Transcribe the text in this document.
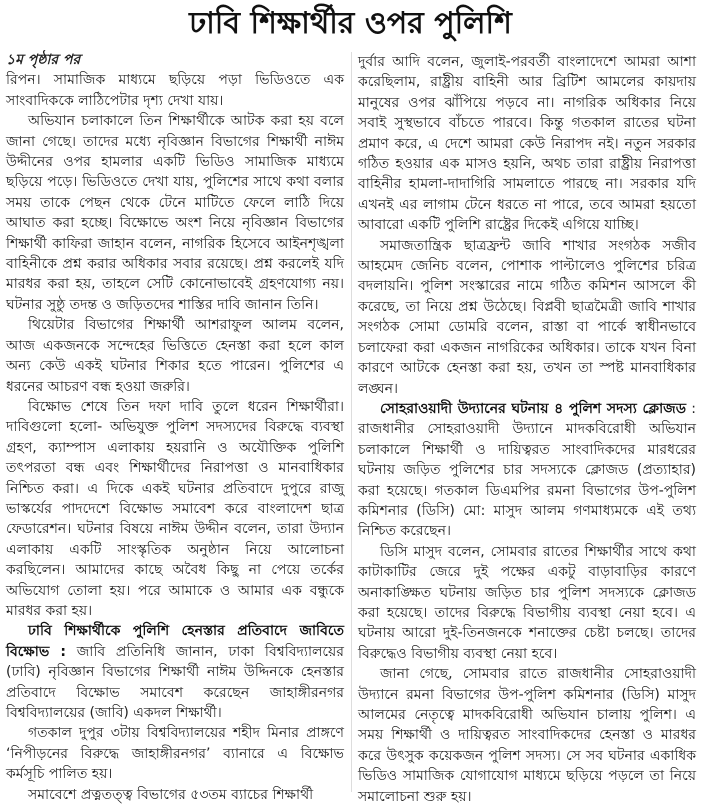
ঢাবি শিক্ষার্থীর ওপর পুলিশি

১ম পৃষ্ঠার পর

রিপন। সামাজিক মাধ্যমে ছড়িয়ে পড়া ভিডিওতে এক সাংবাদিককে লাঠিপেটার দৃশ্য দেখা যায়।

অভিযান চলাকালে তিন শিক্ষার্থীকে আটক করা হয় বলে জানা গেছে। তাদের মধ্যে নৃবিজ্ঞান বিভাগের শিক্ষার্থী নাঈম উদ্দীনের ওপর হামলার একটি ভিডিও সামাজিক মাধ্যমে ছড়িয়ে পড়ে। ভিডিওতে দেখা যায়, পুলিশের সাথে কথা বলার সময় তাকে পেছন থেকে টেনে মাটিতে ফেলে লাঠি দিয়ে আঘাত করা হচ্ছে। বিক্ষোভে অংশ নিয়ে নৃবিজ্ঞান বিভাগের শিক্ষার্থী কাফিরা জাহান বলেন, নাগরিক হিসেবে আইনশৃঙ্খলা বাহিনীকে প্রশ্ন করার অধিকার সবার রয়েছে। প্রশ্ন করলেই যদি মারধর করা হয়, তাহলে সেটি কোনোভাবেই গ্রহণযোগ্য নয়। ঘটনার সুষ্ঠু তদন্ত ও জড়িতদের শাস্তির দাবি জানান তিনি।

থিয়েটার বিভাগের শিক্ষার্থী আশরাফুল আলম বলেন, আজ একজনকে সন্দেহের ভিত্তিতে হেনস্তা করা হলে কাল অন্য কেউ একই ঘটনার শিকার হতে পারেন। পুলিশের এ ধরনের আচরণ বন্ধ হওয়া জরুরি।

বিক্ষোভ শেষে তিন দফা দাবি তুলে ধরেন শিক্ষার্থীরা। দাবিগুলো হলো- অভিযুক্ত পুলিশ সদস্যদের বিরুদ্ধে ব্যবস্থা গ্রহণ, ক্যাম্পাস এলাকায় হয়রানি ও অযৌক্তিক পুলিশি তৎপরতা বন্ধ এবং শিক্ষার্থীদের নিরাপত্তা ও মানবাধিকার নিশ্চিত করা। এ দিকে একই ঘটনার প্রতিবাদে দুপুরে রাজু ভাস্কর্যের পাদদেশে বিক্ষোভ সমাবেশ করে বাংলাদেশ ছাত্র ফেডারেশন। ঘটনার বিষয়ে নাঈম উদ্দীন বলেন, তারা উদ্যান এলাকায় একটি সাংস্কৃতিক অনুষ্ঠান নিয়ে আলোচনা করছিলেন। আমাদের কাছে অবৈধ কিছু না পেয়ে তর্কের অভিযোগ তোলা হয়। পরে আমাকে ও আমার এক বন্ধুকে মারধর করা হয়।

ঢাবি শিক্ষার্থীকে পুলিশি হেনস্তার প্রতিবাদে জাবিতে বিক্ষোভ : জাবি প্রতিনিধি জানান, ঢাকা বিশ্ববিদ্যালয়ের (ঢাবি) নৃবিজ্ঞান বিভাগের শিক্ষার্থী নাঈম উদ্দিনকে হেনস্তার প্রতিবাদে বিক্ষোভ সমাবেশ করেছেন জাহাঙ্গীরনগর বিশ্ববিদ্যালয়ের (জাবি) একদল শিক্ষার্থী।

গতকাল দুপুর ৩টায় বিশ্ববিদ্যালয়ের শহীদ মিনার প্রাঙ্গণে ‘নিপীড়নের বিরুদ্ধে জাহাঙ্গীরনগর’ ব্যানারে এ বিক্ষোভ কর্মসূচি পালিত হয়।

সমাবেশে প্রত্নতত্ত্ব বিভাগের ৫৩তম ব্যাচের শিক্ষার্থী

দুর্বার আদি বলেন, জুলাই-পরবর্তী বাংলাদেশে আমরা আশা করেছিলাম, রাষ্ট্রীয় বাহিনী আর ব্রিটিশ আমলের কায়দায় মানুষের ওপর ঝাঁপিয়ে পড়বে না। নাগরিক অধিকার নিয়ে সবাই সুস্থভাবে বাঁচতে পারবে। কিন্তু গতকাল রাতের ঘটনা প্রমাণ করে, এ দেশে আমরা কেউ নিরাপদ নই। নতুন সরকার গঠিত হওয়ার এক মাসও হয়নি, অথচ তারা রাষ্ট্রীয় নিরাপত্তা বাহিনীর হামলা-দাদাগিরি সামলাতে পারছে না। সরকার যদি এখনই এর লাগাম টেনে ধরতে না পারে, তবে আমরা হয়তো আবারো একটি পুলিশি রাষ্ট্রের দিকেই এগিয়ে যাচ্ছি।

সমাজতান্ত্রিক ছাত্রফ্রন্ট জাবি শাখার সংগঠক সজীব আহমেদ জেনিচ বলেন, পোশাক পাল্টালেও পুলিশের চরিত্র বদলায়নি। পুলিশ সংস্কারের নামে গঠিত কমিশন আসলে কী করেছে, তা নিয়ে প্রশ্ন উঠেছে। বিপ্লবী ছাত্রমৈত্রী জাবি শাখার সংগঠক সোমা ডোমরি বলেন, রাস্তা বা পার্কে স্বাধীনভাবে চলাফেরা করা একজন নাগরিকের অধিকার। তাকে যখন বিনা কারণে আটকে হেনস্তা করা হয়, তখন তা স্পষ্ট মানবাধিকার লঙ্ঘন।

সোহরাওয়াদী উদ্যানের ঘটনায় ৪ পুলিশ সদস্য ক্লোজড : রাজধানীর সোহরাওয়াদী উদ্যানে মাদকবিরোধী অভিযান চলাকালে শিক্ষার্থী ও দায়িত্বরত সাংবাদিকদের মারধরের ঘটনায় জড়িত পুলিশের চার সদস্যকে ক্লোজড (প্রত্যাহার) করা হয়েছে। গতকাল ডিএমপির রমনা বিভাগের উপ-পুলিশ কমিশনার (ডিসি) মো: মাসুদ আলম গণমাধ্যমকে এই তথ্য নিশ্চিত করেছেন।

ডিসি মাসুদ বলেন, সোমবার রাতের শিক্ষার্থীর সাথে কথা কাটাকাটির জেরে দুই পক্ষের একটু বাড়াবাড়ির কারণে অনাকাঙ্ক্ষিত ঘটনায় জড়িত চার পুলিশ সদস্যকে ক্লোজড করা হয়েছে। তাদের বিরুদ্ধে বিভাগীয় ব্যবস্থা নেয়া হবে। এ ঘটনায় আরো দুই-তিনজনকে শনাক্তের চেষ্টা চলছে। তাদের বিরুদ্ধেও বিভাগীয় ব্যবস্থা নেয়া হবে।

জানা গেছে, সোমবার রাতে রাজধানীর সোহরাওয়াদী উদ্যানে রমনা বিভাগের উপ-পুলিশ কমিশনার (ডিসি) মাসুদ আলমের নেতৃত্বে মাদকবিরোধী অভিযান চালায় পুলিশ। এ সময় শিক্ষার্থী ও দায়িত্বরত সাংবাদিকদের হেনস্তা ও মারধর করে উৎসুক কয়েকজন পুলিশ সদস্য। সে সব ঘটনার একাধিক ভিডিও সামাজিক যোগাযোগ মাধ্যমে ছড়িয়ে পড়লে তা নিয়ে সমালোচনা শুরু হয়।
